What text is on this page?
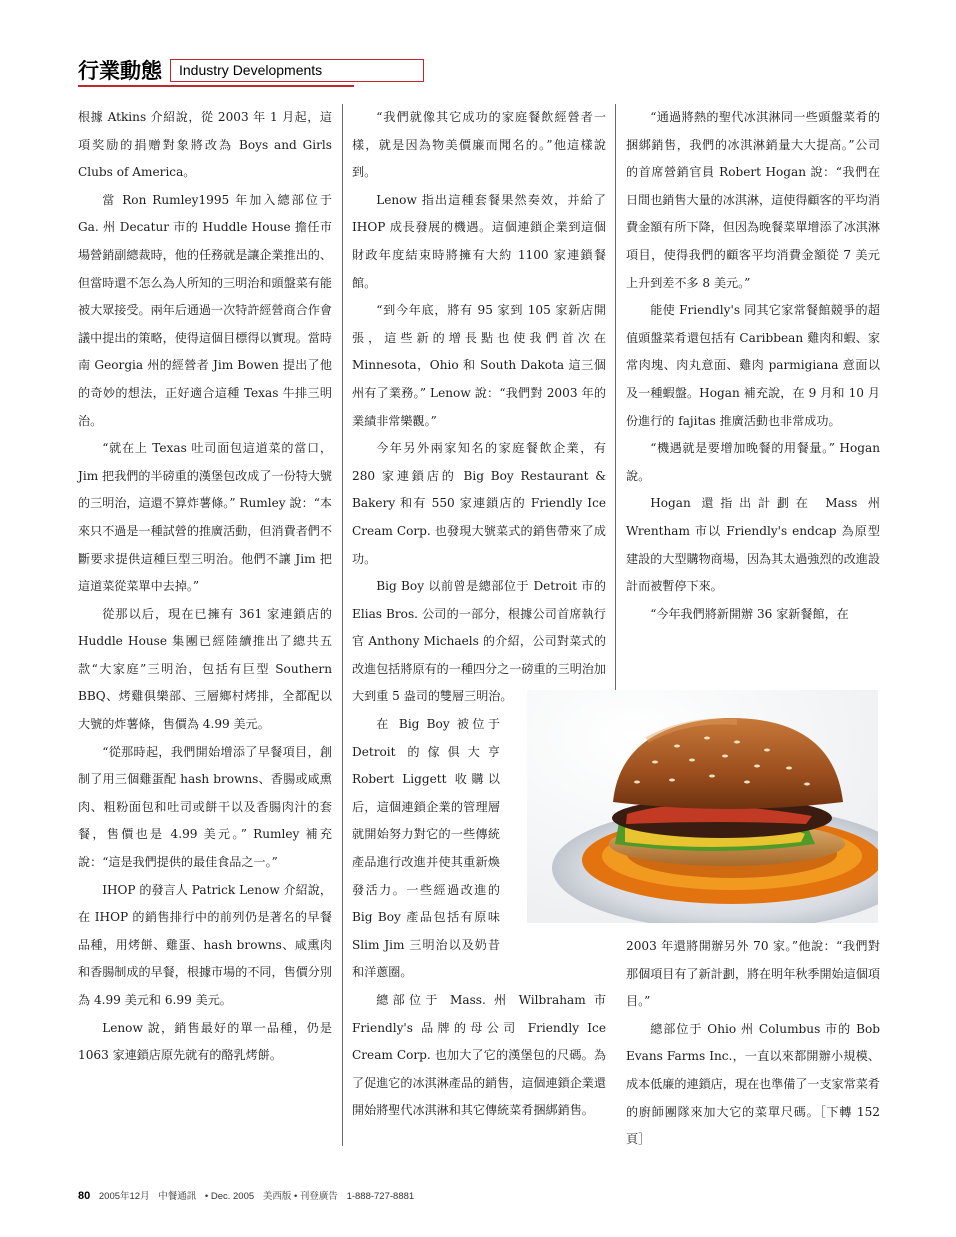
行業動態	Industry Developments

根據 Atkins 介紹說，從 2003 年 1 月起，這項奖励的捐赠對象將改為 Boys and Girls Clubs of America。

當 Ron Rumley1995 年加入總部位于 Ga. 州 Decatur 市的 Huddle House 擔任市場營銷副總裁時，他的任務就是讓企業推出的、但當時還不怎么為人所知的三明治和頭盤菜有能被大眾接受。兩年后通過一次特許經營商合作會議中提出的策略，使得這個目標得以實現。當時南 Georgia 州的經營者 Jim Bowen 提出了他的奇妙的想法，正好適合這種 Texas 牛排三明治。

“就在上 Texas 吐司面包這道菜的當口，Jim 把我們的半磅重的漢堡包改成了一份特大號的三明治，這還不算炸薯條。” Rumley 說：“本來只不過是一種試營的推廣活動，但消費者們不斷要求提供這種巨型三明治。他們不讓 Jim 把這道菜從菜單中去掉。”

從那以后，現在已擁有 361 家連鎖店的 Huddle House 集團已經陸續推出了總共五款“大家庭”三明治，包括有巨型 Southern BBQ、烤雞俱樂部、三層鄉村烤排，全都配以大號的炸薯條，售價為 4.99 美元。

“從那時起，我們開始增添了早餐項目，創制了用三個雞蛋配 hash browns、香腸或咸熏肉、粗粉面包和吐司或餅干以及香腸肉汁的套餐，售價也是 4.99 美元。” Rumley 補充說：“這是我們提供的最佳食品之一。”

IHOP 的發言人 Patrick Lenow 介紹說，在 IHOP 的銷售排行中的前列仍是著名的早餐品種，用烤餅、雞蛋、hash browns、咸熏肉和香腸制成的早餐，根據市場的不同，售價分別為 4.99 美元和 6.99 美元。

Lenow 說，銷售最好的單一品種，仍是 1063 家連鎖店原先就有的酪乳烤餅。

“我們就像其它成功的家庭餐飲經營者一樣，就是因為物美價廉而聞名的。”他這樣說到。

Lenow 指出這種套餐果然奏效，并給了 IHOP 成長發展的機遇。這個連鎖企業到這個財政年度結束時將擁有大約 1100 家連鎖餐館。

“到今年底，將有 95 家到 105 家新店開張，這些新的增長點也使我們首次在 Minnesota，Ohio 和 South Dakota 這三個州有了業務。” Lenow 說：“我們對 2003 年的業績非常樂觀。”

今年另外兩家知名的家庭餐飲企業，有 280 家連鎖店的 Big Boy Restaurant & Bakery 和有 550 家連鎖店的 Friendly Ice Cream Corp. 也發現大號菜式的銷售帶來了成功。

Big Boy 以前曾是總部位于 Detroit 市的 Elias Bros. 公司的一部分，根據公司首席執行官 Anthony Michaels 的介紹，公司對菜式的改進包括將原有的一種四分之一磅重的三明治加大到重 5 盎司的雙層三明治。

在 Big Boy 被位于 Detroit 的傢俱大亨 Robert Liggett 收購以后，這個連鎖企業的管理層就開始努力對它的一些傳統產品進行改進并使其重新煥發活力。一些經過改進的 Big Boy 產品包括有原味 Slim Jim 三明治以及奶昔和洋蔥圈。

總部位于 Mass. 州 Wilbraham 市 Friendly's 品牌的母公司 Friendly Ice Cream Corp. 也加大了它的漢堡包的尺碼。為了促進它的冰淇淋產品的銷售，這個連鎖企業還開始將聖代冰淇淋和其它傳統菜肴捆綁銷售。

“通過將熱的聖代冰淇淋同一些頭盤菜肴的捆綁銷售，我們的冰淇淋銷量大大提高。”公司的首席營銷官員 Robert Hogan 說：“我們在日間也銷售大量的冰淇淋，這使得顧客的平均消費金額有所下降，但因為晚餐菜單增添了冰淇淋項目，使得我們的顧客平均消費金額從 7 美元上升到差不多 8 美元。”

能使 Friendly's 同其它家常餐館競爭的超值頭盤菜肴還包括有 Caribbean 雞肉和蝦、家常肉塊、肉丸意面、雞肉 parmigiana 意面以及一種蝦盤。Hogan 補充說，在 9 月和 10 月份進行的 fajitas 推廣活動也非常成功。

“機遇就是要增加晚餐的用餐量。” Hogan 說。

Hogan 還指出計劃在 Mass 州 Wrentham 市以 Friendly's endcap 為原型建設的大型購物商場，因為其太過強烈的改進設計而被暫停下來。

“今年我們將新開辦 36 家新餐館，在

2003 年還將開辦另外 70 家。”他說：“我們對那個項目有了新計劃，將在明年秋季開始這個項目。”

總部位于 Ohio 州 Columbus 市的 Bob Evans Farms Inc.，一直以來都開辦小規模、成本低廉的連鎖店，現在也準備了一支家常菜肴的廚師團隊來加大它的菜單尺碼。［下轉 152 頁］

80 2005年12月 中餐通訊 • Dec. 2005 美西版 • 刊登廣告 1-888-727-8881
